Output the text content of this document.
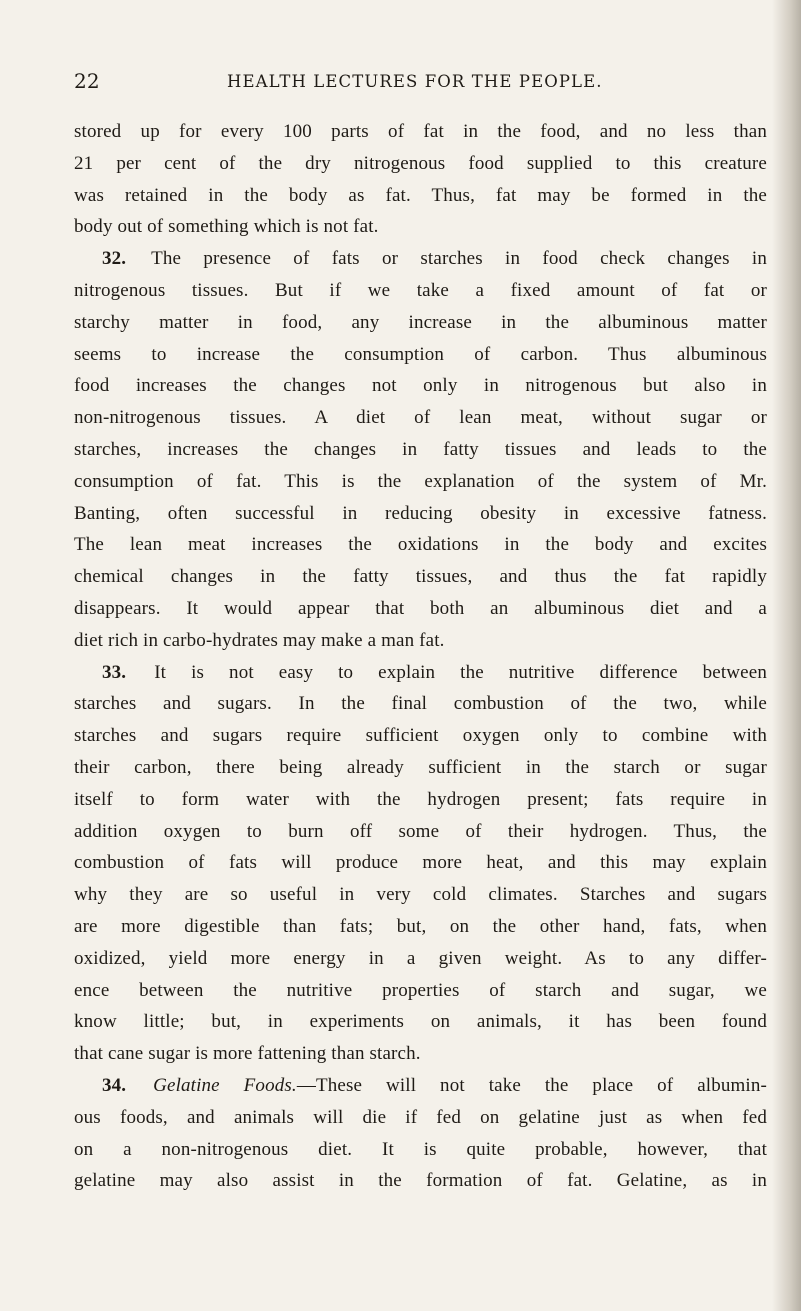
22	HEALTH LECTURES FOR THE PEOPLE.
stored up for every 100 parts of fat in the food, and no less than
21 per cent of the dry nitrogenous food supplied to this creature
was retained in the body as fat. Thus, fat may be formed in the
body out of something which is not fat.
32. The presence of fats or starches in food check changes in
nitrogenous tissues. But if we take a fixed amount of fat or
starchy matter in food, any increase in the albuminous matter
seems to increase the consumption of carbon. Thus albuminous
food increases the changes not only in nitrogenous but also in
non-nitrogenous tissues. A diet of lean meat, without sugar or
starches, increases the changes in fatty tissues and leads to the
consumption of fat. This is the explanation of the system of Mr.
Banting, often successful in reducing obesity in excessive fatness.
The lean meat increases the oxidations in the body and excites
chemical changes in the fatty tissues, and thus the fat rapidly
disappears. It would appear that both an albuminous diet and a
diet rich in carbo-hydrates may make a man fat.
33. It is not easy to explain the nutritive difference between
starches and sugars. In the final combustion of the two, while
starches and sugars require sufficient oxygen only to combine with
their carbon, there being already sufficient in the starch or sugar
itself to form water with the hydrogen present; fats require in
addition oxygen to burn off some of their hydrogen. Thus, the
combustion of fats will produce more heat, and this may explain
why they are so useful in very cold climates. Starches and sugars
are more digestible than fats; but, on the other hand, fats, when
oxidized, yield more energy in a given weight. As to any differ-
ence between the nutritive properties of starch and sugar, we
know little; but, in experiments on animals, it has been found
that cane sugar is more fattening than starch.
34. Gelatine Foods.—These will not take the place of albumin-
ous foods, and animals will die if fed on gelatine just as when fed
on a non-nitrogenous diet. It is quite probable, however, that
gelatine may also assist in the formation of fat. Gelatine, as in
